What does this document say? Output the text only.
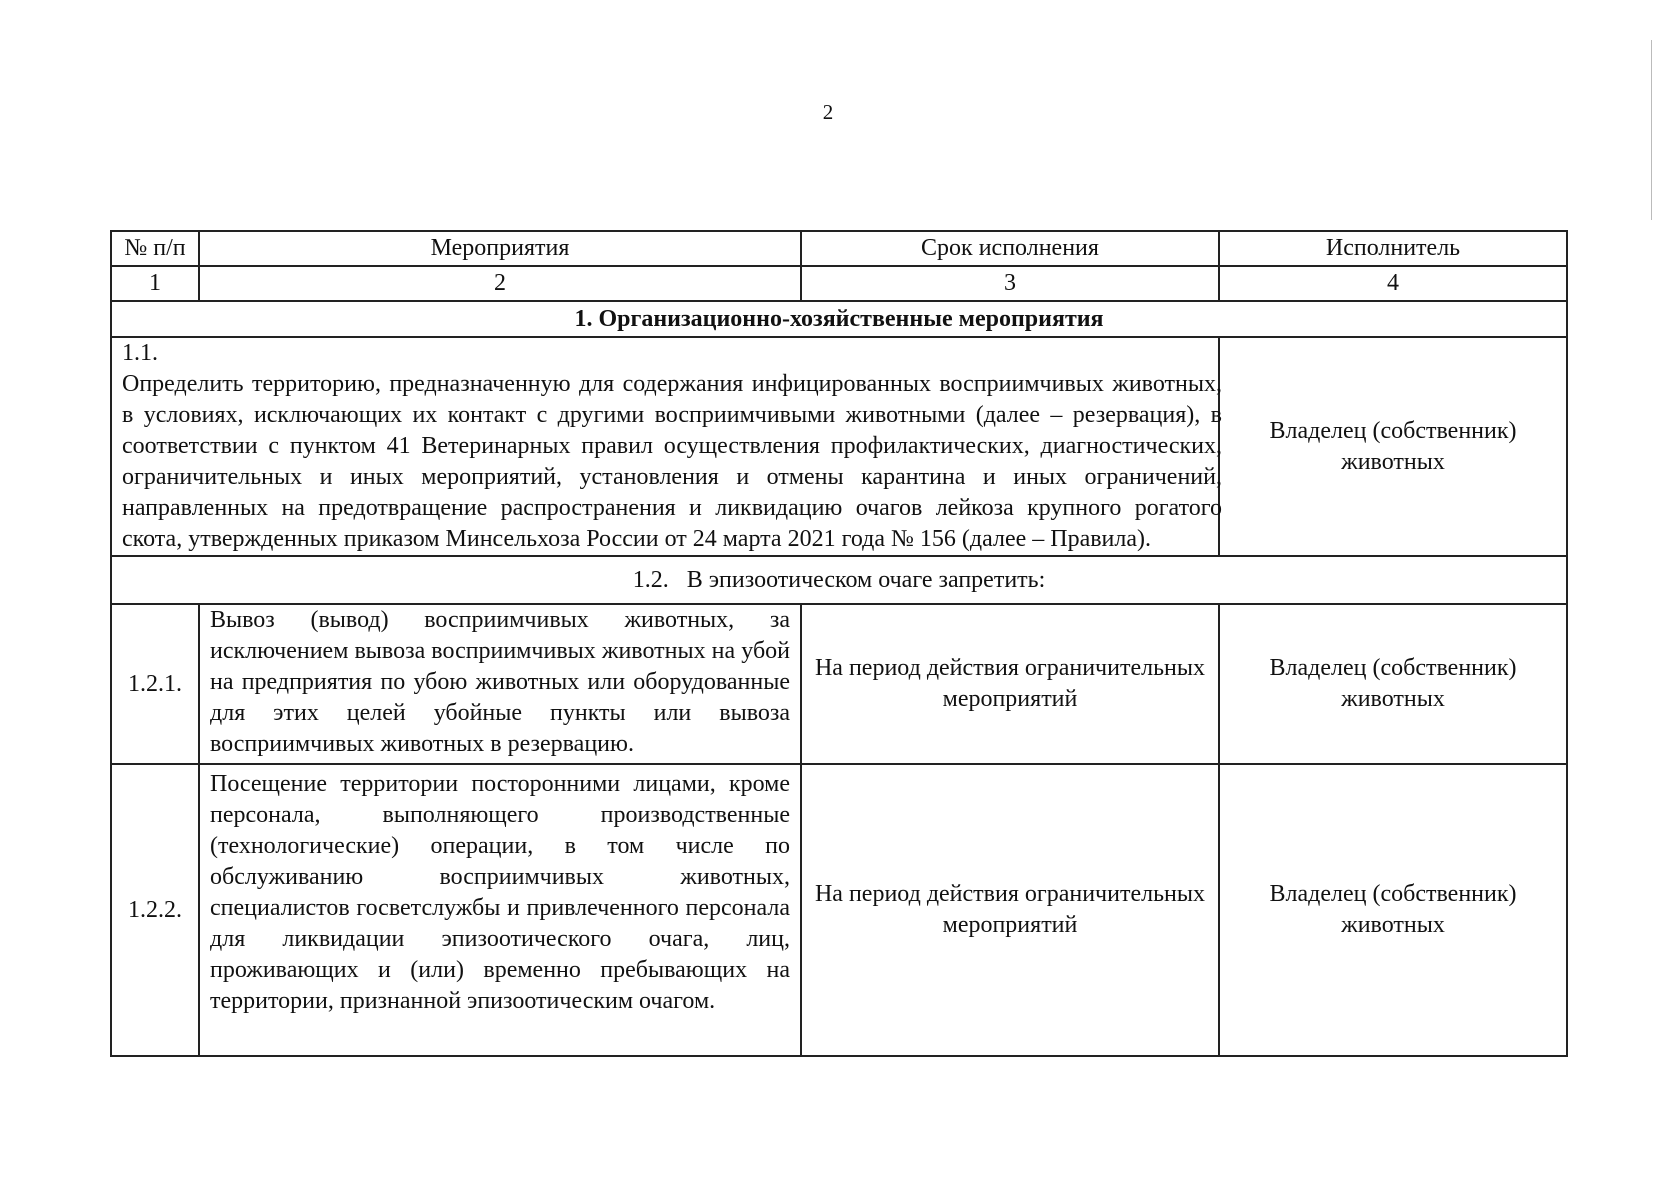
2
№ п/п	Мероприятия	Срок исполнения	Исполнитель
1	2	3	4
1. Организационно-хозяйственные мероприятия			
1.1.Определить территорию, предназначенную для содержания инфицированных восприимчивых животных, в условиях, исключающих их контакт с другими восприимчивыми животными (далее – резервация), в соответствии с пунктом 41 Ветеринарных правил осуществления профилактических, диагностических, ограничительных и иных мероприятий, установления и отмены карантина и иных ограничений, направленных на предотвращение распространения и ликвидацию очагов лейкоза крупного рогатого скота, утвержденных приказом Минсельхоза России от 24 марта 2021 года № 156 (далее – Правила).			Владелец (собственник) животных
1.2.   В эпизоотическом очаге запретить:			
1.2.1.	Вывоз (вывод) восприимчивых животных, за исключением вывоза восприимчивых животных на убой на предприятия по убою животных или оборудованные для этих целей убойные пункты или вывоза восприимчивых животных в резервацию.	На период действия ограничительных мероприятий	Владелец (собственник) животных
1.2.2.	Посещение территории посторонними лицами, кроме персонала, выполняющего производственные (технологические) операции, в том числе по обслуживанию восприимчивых животных, специалистов госветслужбы и привлеченного персонала для ликвидации эпизоотического очага, лиц, проживающих и (или) временно пребывающих на территории, признанной эпизоотическим очагом.	На период действия ограничительных мероприятий	Владелец (собственник) животных
